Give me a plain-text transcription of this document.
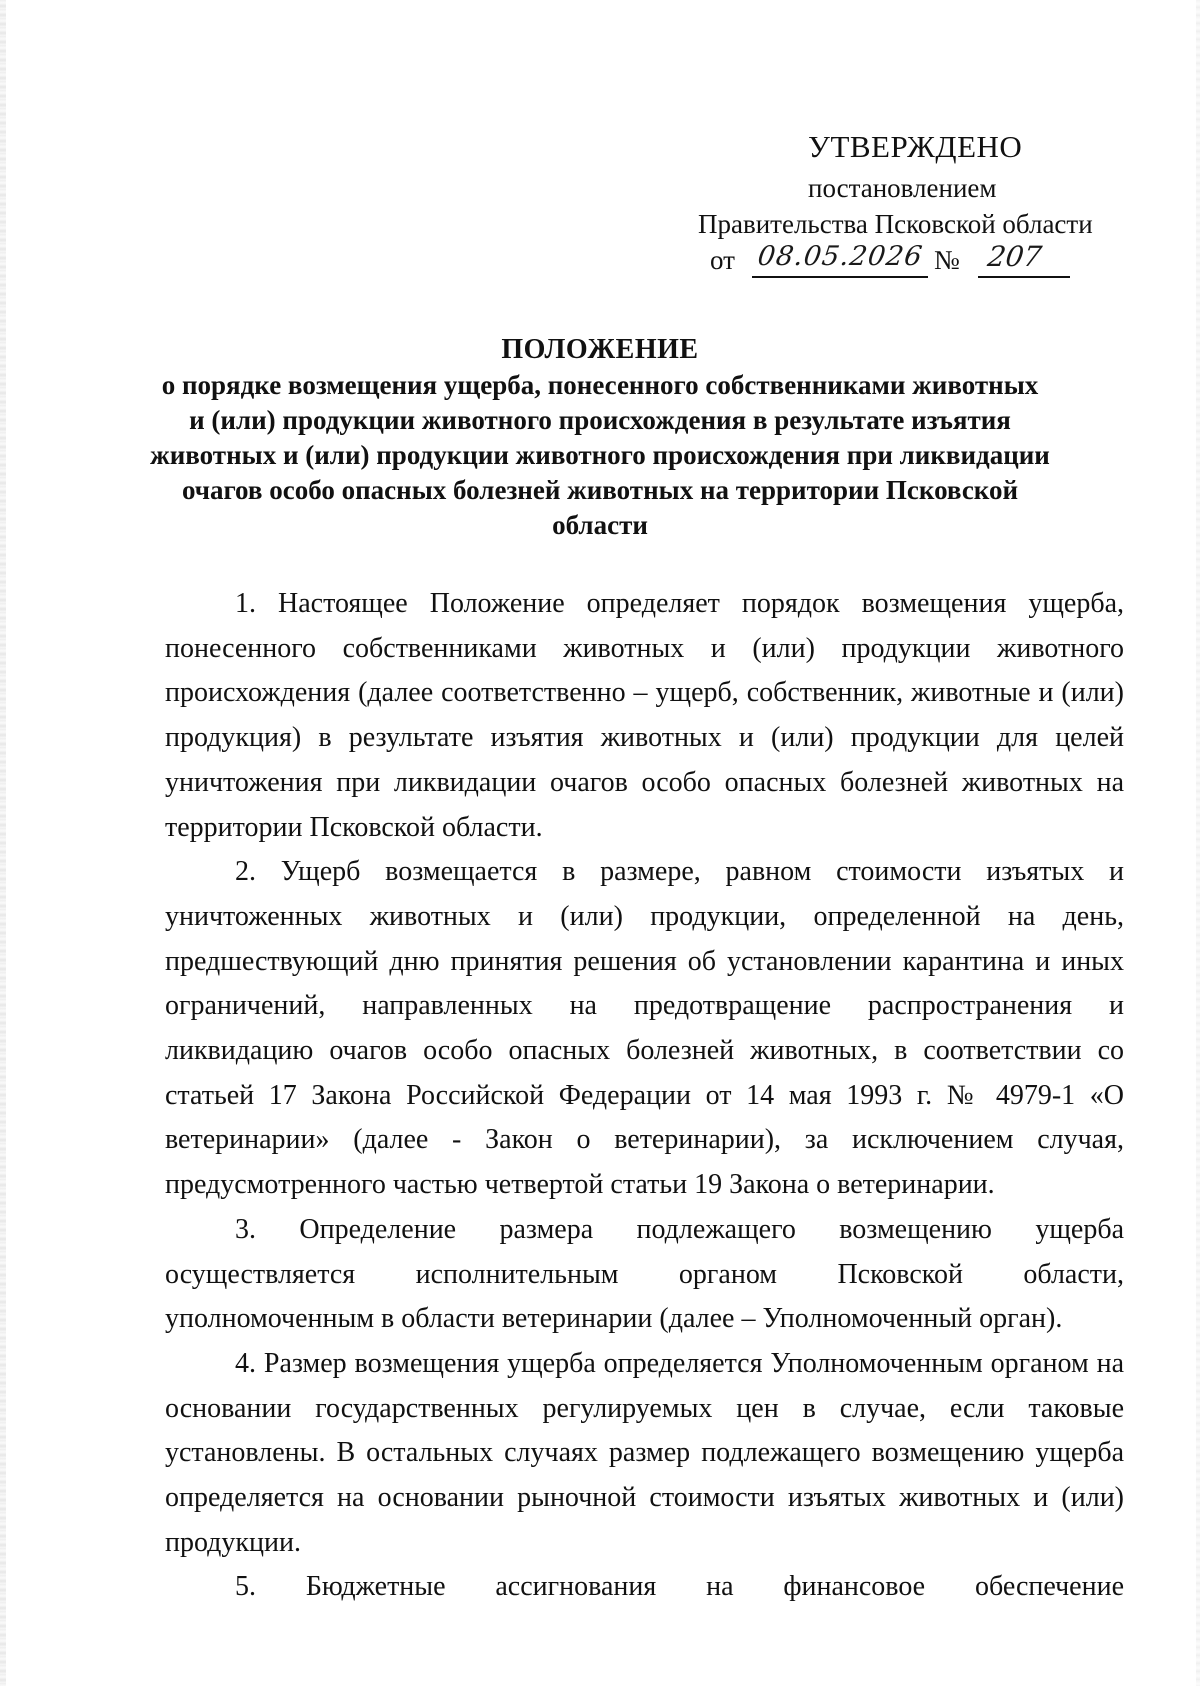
УТВЕРЖДЕНО
постановлением
Правительства Псковской области
от 08.05.2026 № 207
ПОЛОЖЕНИЕ
о порядке возмещения ущерба, понесенного собственниками животных
и (или) продукции животного происхождения в результате изъятия
животных и (или) продукции животного происхождения при ликвидации
очагов особо опасных болезней животных на территории Псковской
области

1. Настоящее Положение определяет порядок возмещения ущерба, понесенного собственниками животных и (или) продукции животного происхождения (далее соответственно – ущерб, собственник, животные и (или) продукция) в результате изъятия животных и (или) продукции для целей уничтожения при ликвидации очагов особо опасных болезней животных на территории Псковской области.

2. Ущерб возмещается в размере, равном стоимости изъятых и уничтоженных животных и (или) продукции, определенной на день, предшествующий дню принятия решения об установлении карантина и иных ограничений, направленных на предотвращение распространения и ликвидацию очагов особо опасных болезней животных, в соответствии со статьей 17 Закона Российской Федерации от 14 мая 1993 г. № 4979-1 «О ветеринарии» (далее - Закон о ветеринарии), за исключением случая, предусмотренного частью четвертой статьи 19 Закона о ветеринарии.

3. Определение размера подлежащего возмещению ущерба осуществляется исполнительным органом Псковской области, уполномоченным в области ветеринарии (далее – Уполномоченный орган).

4. Размер возмещения ущерба определяется Уполномоченным органом на основании государственных регулируемых цен в случае, если таковые установлены. В остальных случаях размер подлежащего возмещению ущерба определяется на основании рыночной стоимости изъятых животных и (или) продукции.

5. Бюджетные ассигнования на финансовое обеспечение
